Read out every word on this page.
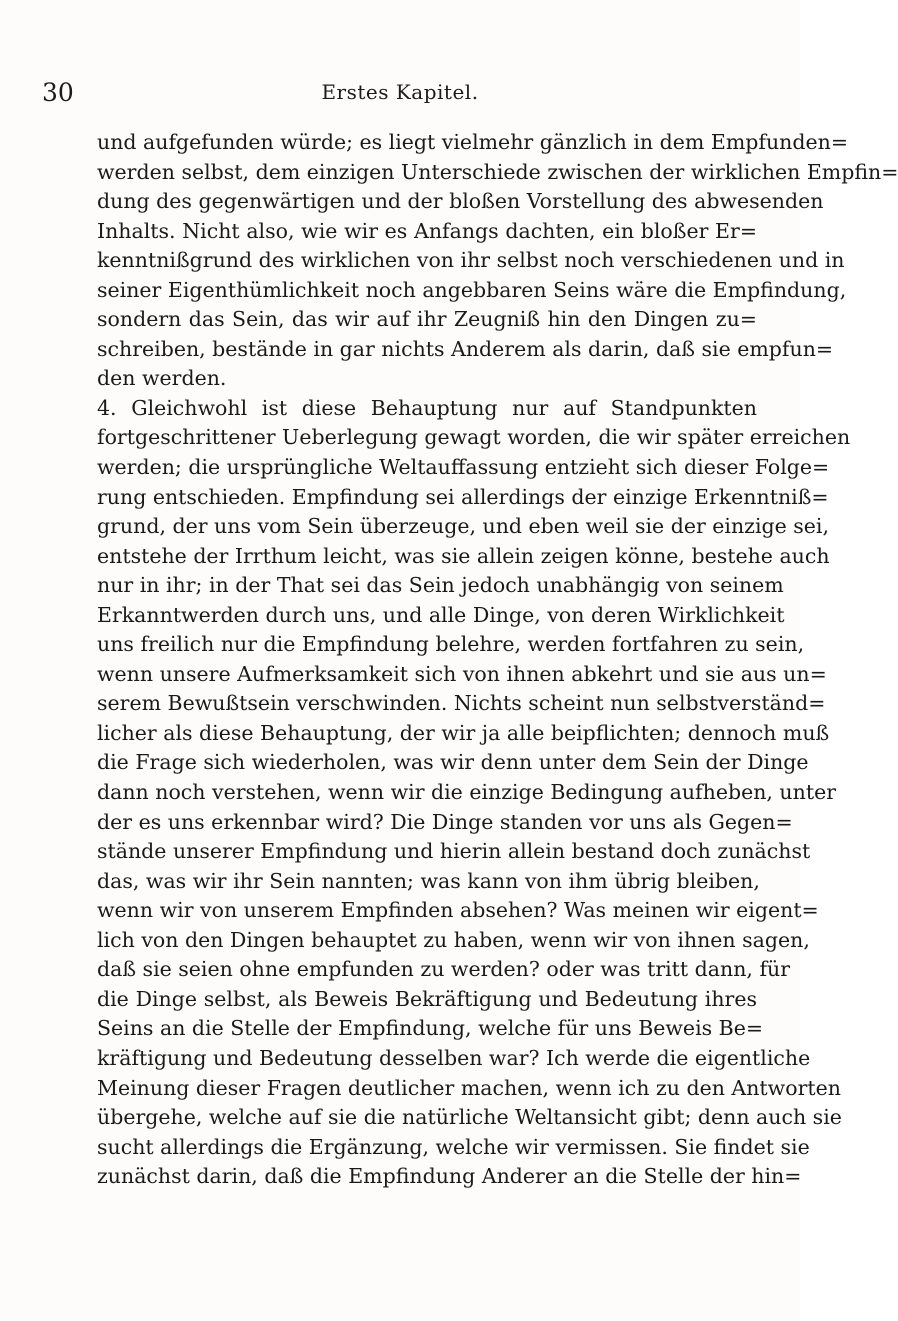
30	Erstes Kapitel.
und aufgefunden würde; es liegt vielmehr gänzlich in dem Empfunden=
werden selbst, dem einzigen Unterschiede zwischen der wirklichen Empfin=
dung des gegenwärtigen und der bloßen Vorstellung des abwesenden
Inhalts. Nicht also, wie wir es Anfangs dachten, ein bloßer Er=
kenntnißgrund des wirklichen von ihr selbst noch verschiedenen und in
seiner Eigenthümlichkeit noch angebbaren Seins wäre die Empfindung,
sondern das Sein, das wir auf ihr Zeugniß hin den Dingen zu=
schreiben, bestände in gar nichts Anderem als darin, daß sie empfun=
den werden.
4. Gleichwohl ist diese Behauptung nur auf Standpunkten
fortgeschrittener Ueberlegung gewagt worden, die wir später erreichen
werden; die ursprüngliche Weltauffassung entzieht sich dieser Folge=
rung entschieden. Empfindung sei allerdings der einzige Erkenntniß=
grund, der uns vom Sein überzeuge, und eben weil sie der einzige sei,
entstehe der Irrthum leicht, was sie allein zeigen könne, bestehe auch
nur in ihr; in der That sei das Sein jedoch unabhängig von seinem
Erkanntwerden durch uns, und alle Dinge, von deren Wirklichkeit
uns freilich nur die Empfindung belehre, werden fortfahren zu sein,
wenn unsere Aufmerksamkeit sich von ihnen abkehrt und sie aus un=
serem Bewußtsein verschwinden. Nichts scheint nun selbstverständ=
licher als diese Behauptung, der wir ja alle beipflichten; dennoch muß
die Frage sich wiederholen, was wir denn unter dem Sein der Dinge
dann noch verstehen, wenn wir die einzige Bedingung aufheben, unter
der es uns erkennbar wird? Die Dinge standen vor uns als Gegen=
stände unserer Empfindung und hierin allein bestand doch zunächst
das, was wir ihr Sein nannten; was kann von ihm übrig bleiben,
wenn wir von unserem Empfinden absehen? Was meinen wir eigent=
lich von den Dingen behauptet zu haben, wenn wir von ihnen sagen,
daß sie seien ohne empfunden zu werden? oder was tritt dann, für
die Dinge selbst, als Beweis Bekräftigung und Bedeutung ihres
Seins an die Stelle der Empfindung, welche für uns Beweis Be=
kräftigung und Bedeutung desselben war? Ich werde die eigentliche
Meinung dieser Fragen deutlicher machen, wenn ich zu den Antworten
übergehe, welche auf sie die natürliche Weltansicht gibt; denn auch sie
sucht allerdings die Ergänzung, welche wir vermissen. Sie findet sie
zunächst darin, daß die Empfindung Anderer an die Stelle der hin=
